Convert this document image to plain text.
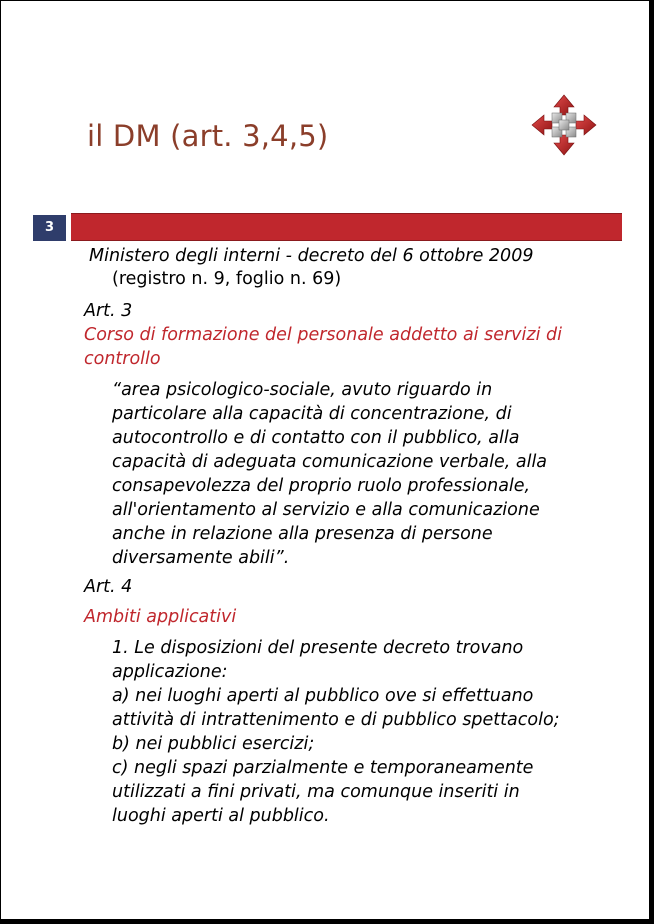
il DM (art. 3,4,5)
3
Ministero degli interni - decreto del 6 ottobre 2009
(registro n. 9, foglio n. 69)
Art. 3
Corso di formazione del personale addetto ai servizi di
controllo
“area psicologico-sociale, avuto riguardo in
particolare alla capacità di concentrazione, di
autocontrollo e di contatto con il pubblico, alla
capacità di adeguata comunicazione verbale, alla
consapevolezza del proprio ruolo professionale,
all'orientamento al servizio e alla comunicazione
anche in relazione alla presenza di persone
diversamente abili”.
Art. 4
Ambiti applicativi
1. Le disposizioni del presente decreto trovano
applicazione:
a) nei luoghi aperti al pubblico ove si effettuano
attività di intrattenimento e di pubblico spettacolo;
b) nei pubblici esercizi;
c) negli spazi parzialmente e temporaneamente
utilizzati a fini privati, ma comunque inseriti in
luoghi aperti al pubblico.
